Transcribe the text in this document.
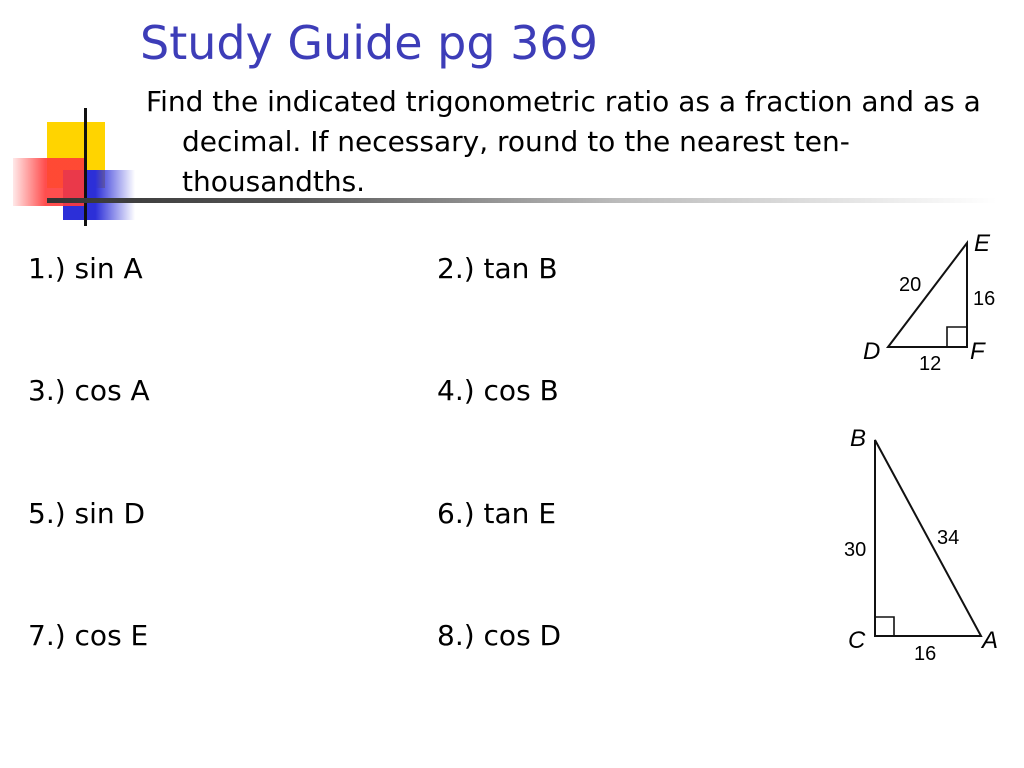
Study Guide pg 369

Find the indicated trigonometric ratio as a fraction and as a decimal. If necessary, round to the nearest ten-thousandths.

1.) sin A	2.) tan B
3.) cos A	4.) cos B
5.) sin D	6.) tan E
7.) cos E	8.) cos D
E
D	F
20
16
12
B
C	A
30
34
16
